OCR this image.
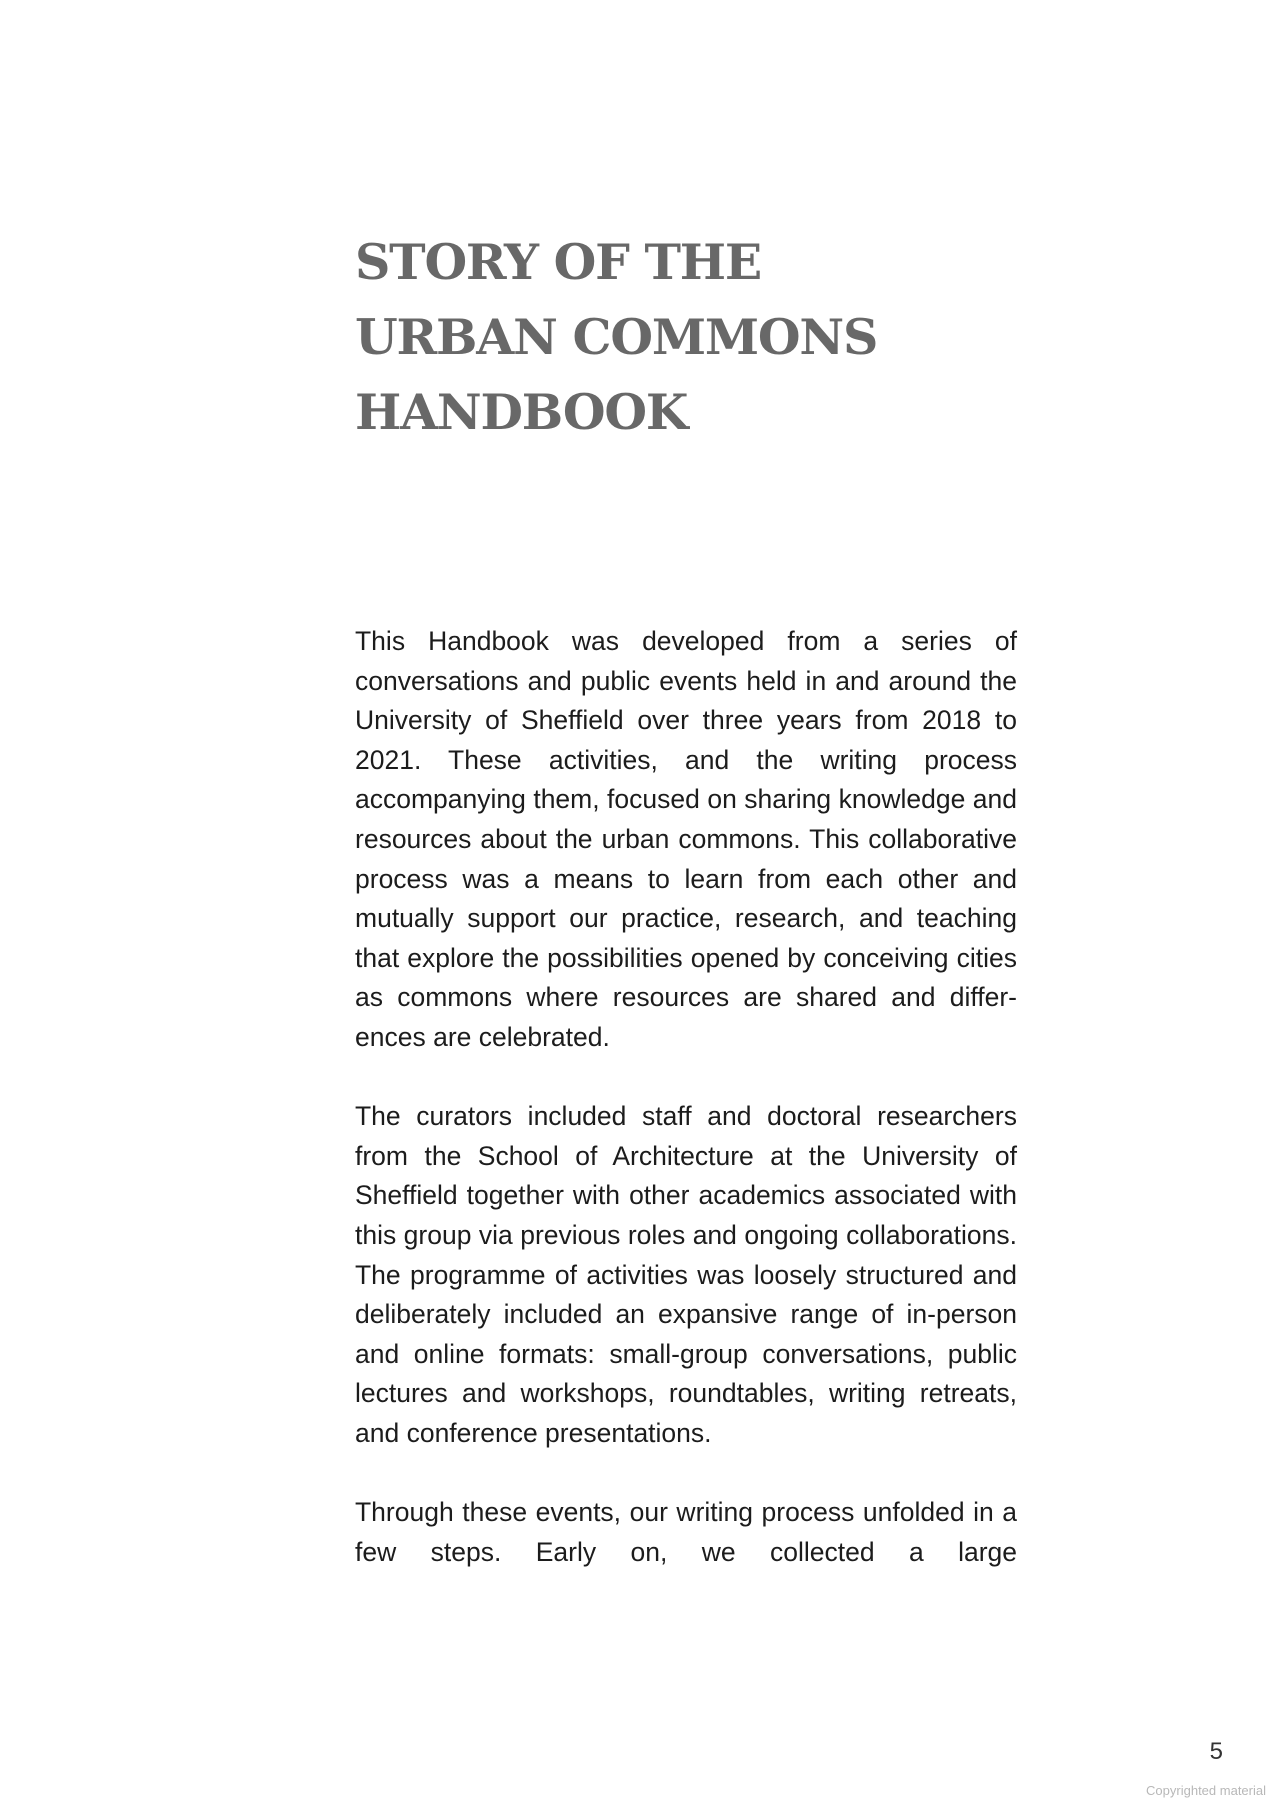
STORY OF THE
URBAN COMMONS
HANDBOOK

This Handbook was developed from a series of conversations and public events held in and around the University of Sheffield over three years from 2018 to 2021. These activities, and the writing process accompanying them, focused on sharing knowledge and resources about the urban commons. This collaborative process was a means to learn from each other and mutually support our practice, research, and teaching that explore the possibilities opened by conceiving cities as commons where resources are shared and differences are celebrated.

The curators included staff and doctoral researchers from the School of Architecture at the University of Sheffield together with other academics associated with this group via previous roles and ongoing collaborations. The programme of activities was loosely structured and deliberately included an expansive range of in-person and online formats: small-group conversations, public lectures and workshops, roundtables, writing retreats, and conference presentations.

Through these events, our writing process unfolded in a few steps. Early on, we collected a large

5
Copyrighted material
